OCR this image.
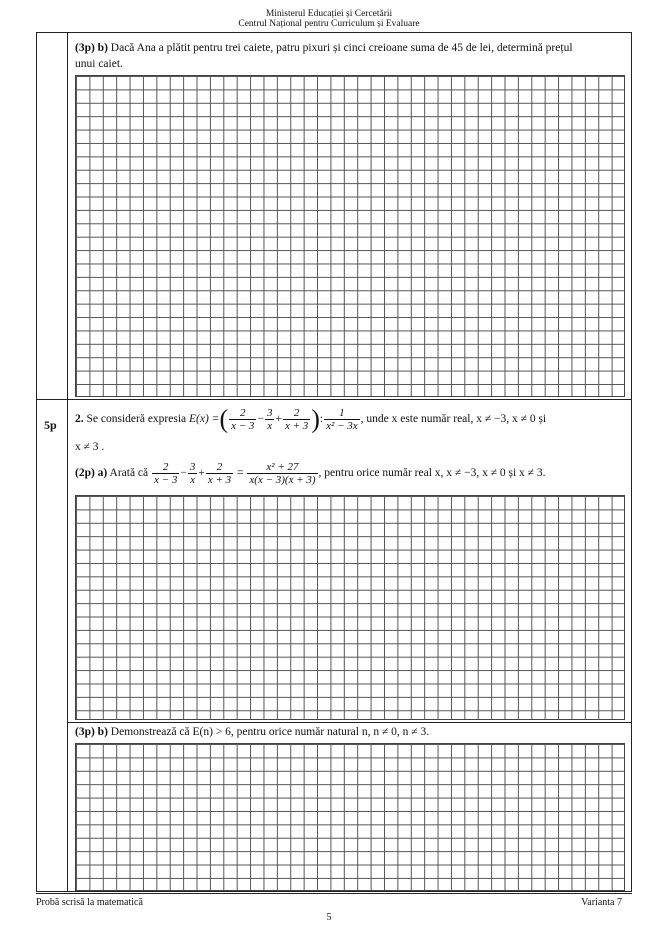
Ministerul Educației și Cercetării
Centrul Național pentru Curriculum și Evaluare
(3p) b) Dacă Ana a plătit pentru trei caiete, patru pixuri și cinci creioane suma de 45 de lei, determină prețul
unui caiet.
5p 2. Se consideră expresia E(x) =( $\frac{2}{x - 3} - \frac{3}{x} + \frac{2}{x + 3}$ ): $\frac{1}{\text{x² − 3x}}$ , unde x este număr real, x ≠ −3, x ≠ 0 și
x ≠ 3 .
(2p) a) Arată că $\frac{2}{x - 3} - \frac{3}{x} + \frac{2}{x + 3} = \frac{\text{x² + 27}}{x(x - 3)(x + 3)}$ , pentru orice număr real x, x ≠ −3, x ≠ 0 și x ≠ 3.
(3p) b) Demonstrează că E(n) > 6, pentru orice număr natural n, n ≠ 0, n ≠ 3.
Probă scrisă la matematică	Varianta 7
5
